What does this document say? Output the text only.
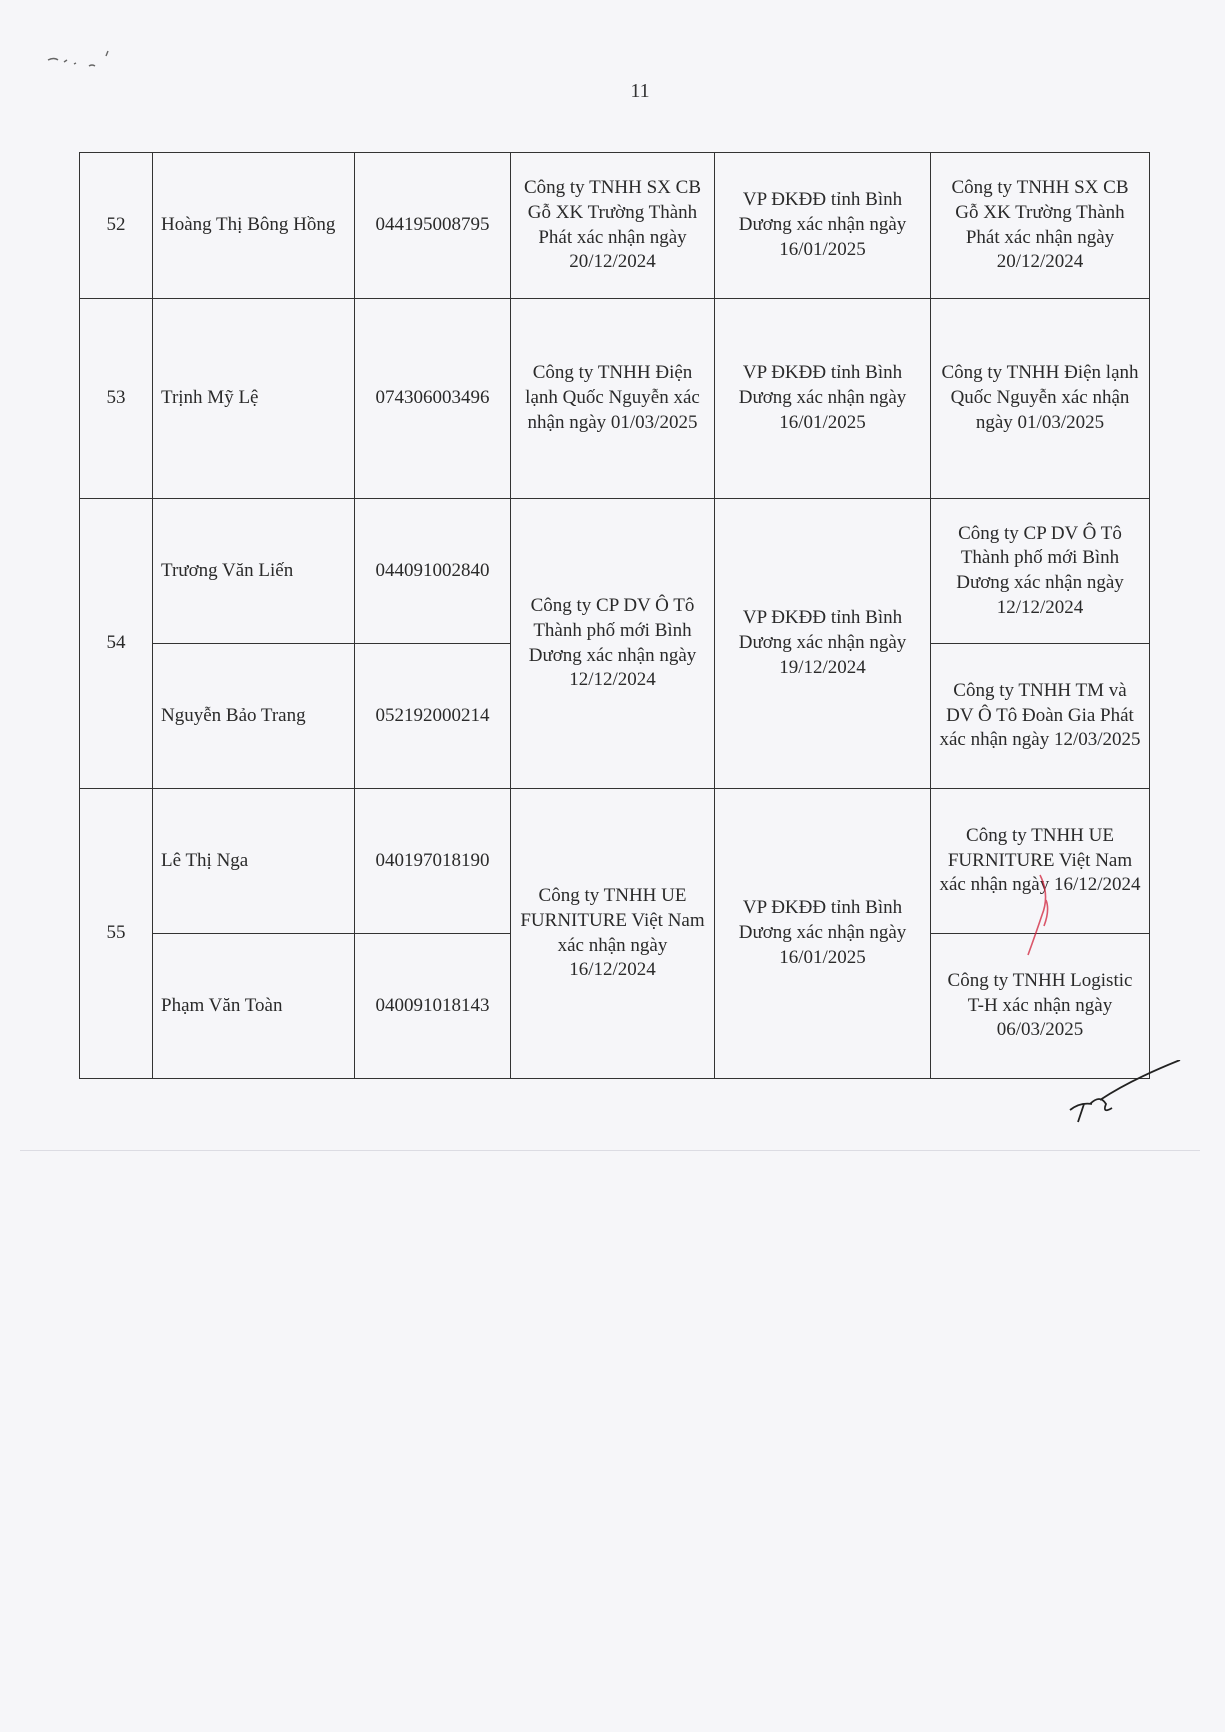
11
52	Hoàng Thị Bông Hồng	044195008795	Công ty TNHH SX CB Gỗ XK Trường Thành Phát xác nhận ngày 20/12/2024	VP ĐKĐĐ tỉnh Bình Dương xác nhận ngày 16/01/2025	Công ty TNHH SX CB Gỗ XK Trường Thành Phát xác nhận ngày 20/12/2024
53	Trịnh Mỹ Lệ	074306003496	Công ty TNHH Điện lạnh Quốc Nguyễn xác nhận ngày 01/03/2025	VP ĐKĐĐ tỉnh Bình Dương xác nhận ngày 16/01/2025	Công ty TNHH Điện lạnh Quốc Nguyễn xác nhận ngày 01/03/2025
54	Trương Văn Liến	044091002840	Công ty CP DV Ô Tô Thành phố mới Bình Dương xác nhận ngày 12/12/2024	VP ĐKĐĐ tỉnh Bình Dương xác nhận ngày 19/12/2024	Công ty CP DV Ô Tô Thành phố mới Bình Dương xác nhận ngày 12/12/2024
	Nguyễn Bảo Trang	052192000214			Công ty TNHH TM và DV Ô Tô Đoàn Gia Phát xác nhận ngày 12/03/2025
55	Lê Thị Nga	040197018190	Công ty TNHH UE FURNITURE Việt Nam xác nhận ngày 16/12/2024	VP ĐKĐĐ tỉnh Bình Dương xác nhận ngày 16/01/2025	Công ty TNHH UE FURNITURE Việt Nam xác nhận ngày 16/12/2024
	Phạm Văn Toàn	040091018143			Công ty TNHH Logistic T-H xác nhận ngày 06/03/2025
